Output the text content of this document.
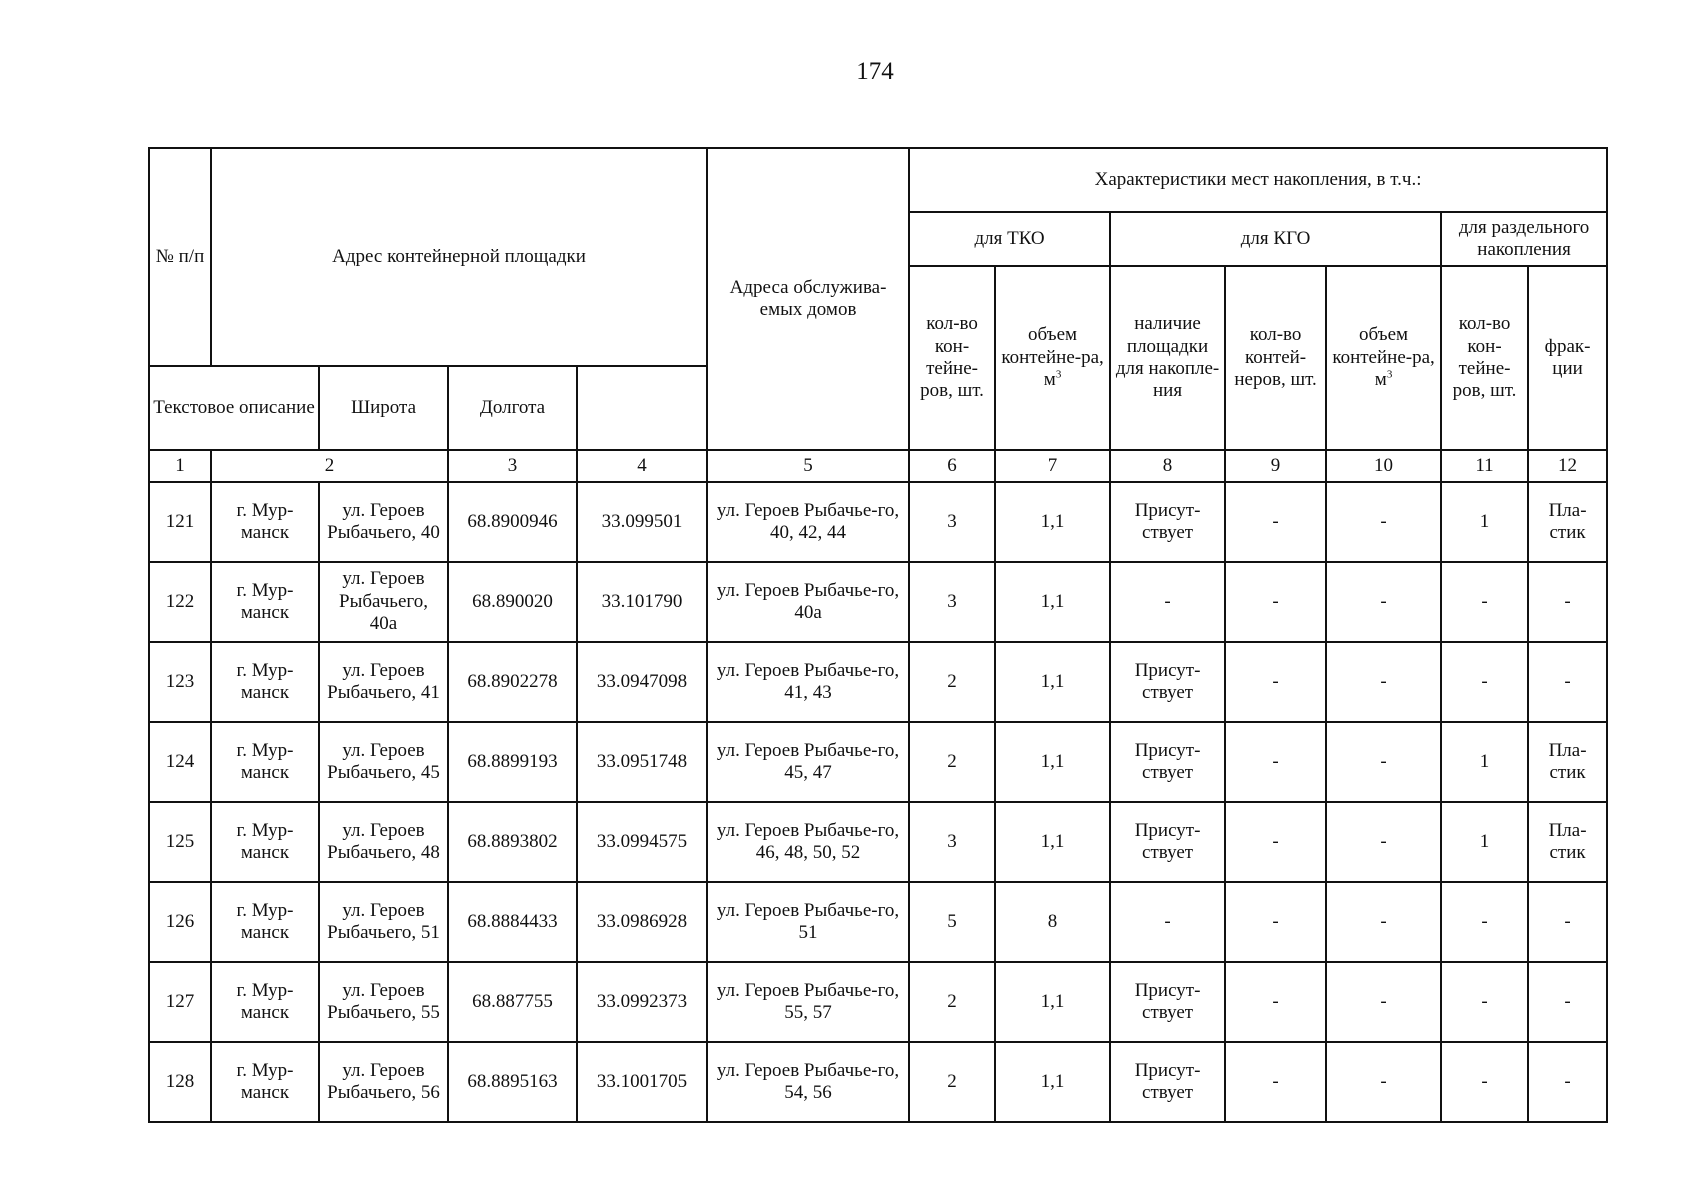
174
№ п/п	Адрес контейнерной площадки				Адреса обслужива-емых домов	Характеристики мест накопления, в т.ч.:						
						для ТКО		для КГО			для раздельного накопления	
						кол-во кон-тейне-ров, шт.	объем контейне-ра, $м^3$	наличие площадки для накопле-ния	кол-во контей-неров, шт.	объем контейне-ра, $м^3$	кол-во кон-тейне-ров, шт.	фрак-ции
Текстовое описание		Широта	Долгота									
1	2		3	4	5	6	7	8	9	10	11	12
121	г. Мур-манск	ул. Героев Рыбачьего, 40	68.8900946	33.099501	ул. Героев Рыбачье-го, 40, 42, 44	3	1,1	Присут-ствует	-	-	1	Пла-стик
122	г. Мур-манск	ул. Героев Рыбачьего, 40а	68.890020	33.101790	ул. Героев Рыбачье-го, 40а	3	1,1	-	-	-	-	-
123	г. Мур-манск	ул. Героев Рыбачьего, 41	68.8902278	33.0947098	ул. Героев Рыбачье-го, 41, 43	2	1,1	Присут-ствует	-	-	-	-
124	г. Мур-манск	ул. Героев Рыбачьего, 45	68.8899193	33.0951748	ул. Героев Рыбачье-го, 45, 47	2	1,1	Присут-ствует	-	-	1	Пла-стик
125	г. Мур-манск	ул. Героев Рыбачьего, 48	68.8893802	33.0994575	ул. Героев Рыбачье-го, 46, 48, 50, 52	3	1,1	Присут-ствует	-	-	1	Пла-стик
126	г. Мур-манск	ул. Героев Рыбачьего, 51	68.8884433	33.0986928	ул. Героев Рыбачье-го, 51	5	8	-	-	-	-	-
127	г. Мур-манск	ул. Героев Рыбачьего, 55	68.887755	33.0992373	ул. Героев Рыбачье-го, 55, 57	2	1,1	Присут-ствует	-	-	-	-
128	г. Мур-манск	ул. Героев Рыбачьего, 56	68.8895163	33.1001705	ул. Героев Рыбачье-го, 54, 56	2	1,1	Присут-ствует	-	-	-	-
